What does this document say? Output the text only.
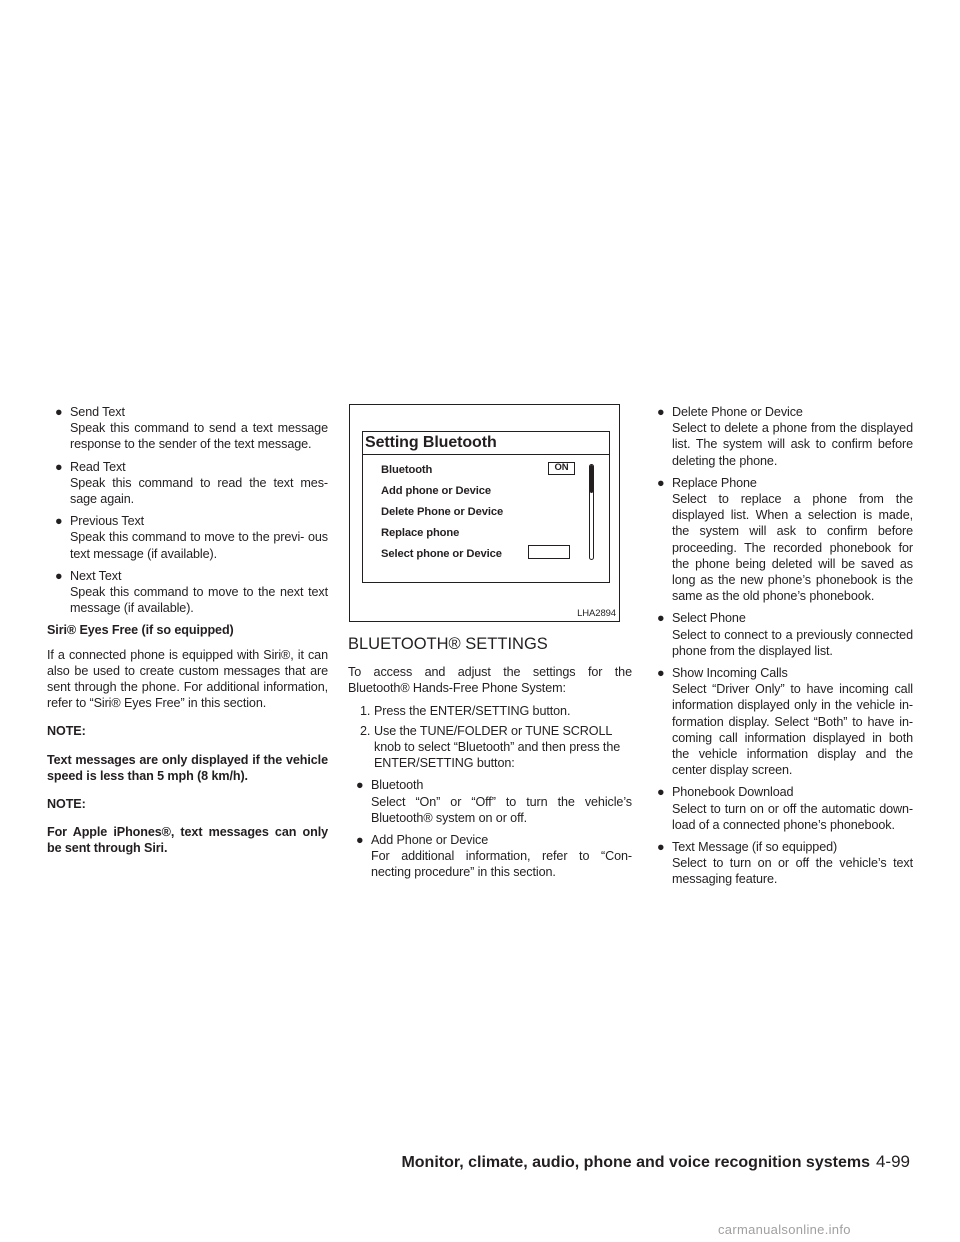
● Send Text
Speak this command to send a text message response to the sender of the text message.
● Read Text
Speak this command to read the text mes- sage again.
● Previous Text
Speak this command to move to the previ- ous text message (if available).
● Next Text
Speak this command to move to the next text message (if available).
Siri® Eyes Free (if so equipped)

If a connected phone is equipped with Siri®, it can also be used to create custom messages that are sent through the phone. For additional information, refer to “Siri® Eyes Free” in this section.

NOTE:

Text messages are only displayed if the vehicle speed is less than 5 mph (8 km/h).

NOTE:

For Apple iPhones®, text messages can only be sent through Siri.

Setting Bluetooth
Bluetooth
Add phone or Device
Delete Phone or Device
Replace phone
Select phone or Device
ON
LHA2894
BLUETOOTH® SETTINGS

To access and adjust the settings for the Bluetooth® Hands-Free Phone System:

1. Press the ENTER/SETTING button.
2. Use the TUNE/FOLDER or TUNE SCROLL knob to select “Bluetooth” and then press the ENTER/SETTING button:
● Bluetooth
Select “On” or “Off” to turn the vehicle’s Bluetooth® system on or off.
● Add Phone or Device
For additional information, refer to “Con- necting procedure” in this section.
● Delete Phone or Device
Select to delete a phone from the displayed list. The system will ask to confirm before deleting the phone.
● Replace Phone
Select to replace a phone from the displayed list. When a selection is made, the system will ask to confirm before proceeding. The recorded phonebook for the phone being deleted will be saved as long as the new phone’s phonebook is the same as the old phone’s phonebook.
● Select Phone
Select to connect to a previously connected phone from the displayed list.
● Show Incoming Calls
Select “Driver Only” to have incoming call information displayed only in the vehicle in- formation display. Select “Both” to have in- coming call information displayed in both the vehicle information display and the center display screen.
● Phonebook Download
Select to turn on or off the automatic down- load of a connected phone’s phonebook.
● Text Message (if so equipped)
Select to turn on or off the vehicle’s text messaging feature.
Monitor, climate, audio, phone and voice recognition systems 4-99
carmanualsonline.info
